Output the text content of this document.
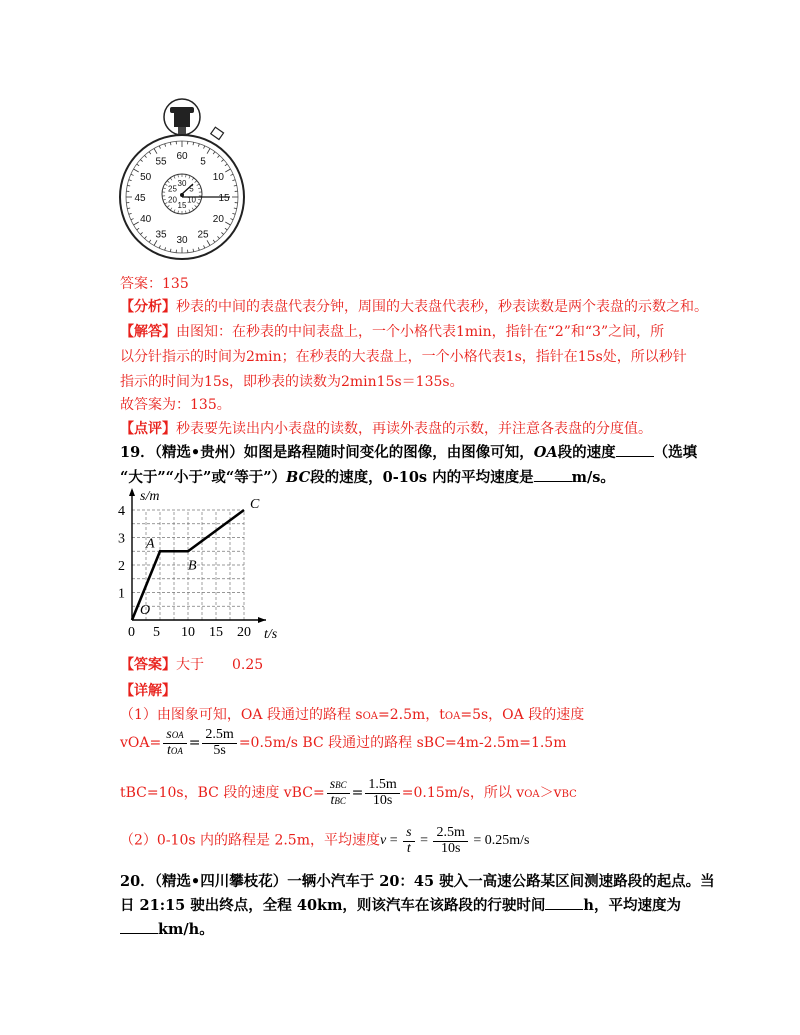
60
5
10
15
20
25
30
35
40
45
50
55
30
5
25
20 10
15
答案：135
【分析】秒表的中间的表盘代表分钟，周围的大表盘代表秒，秒表读数是两个表盘的示数之和。
【解答】由图知：在秒表的中间表盘上，一个小格代表1min，指针在“2”和“3”之间，所
以分针指示的时间为2min；在秒表的大表盘上，一个小格代表1s，指针在15s处，所以秒针
指示的时间为15s，即秒表的读数为2min15s＝135s。
故答案为：135。
【点评】秒表要先读出内小表盘的读数，再读外表盘的示数，并注意各表盘的分度值。
19．（精选•贵州）如图是路程随时间变化的图像，由图像可知，OA段的速度	（选填
“大于”“小于”或“等于”）BC段的速度，0-10s 内的平均速度是	m/s。
1
2
3
4
0 5 10 15 20
s/m
t/s
O
A
B
C
【答案】大于 0.25
【详解】
（1）由图象可知，OA 段通过的路程 sOA=2.5m，tOA=5s，OA 段的速度
$vOA= \frac{\text{sOA}}{\text{tOA}} = \frac{2.5m}{5s} =0.5m/s$ BC 段通过的路程 sBC=4m-2.5m=1.5m
tBC=10s，BC 段的速度 $vBC= \frac{\text{sBC}}{\text{tBC}} = \frac{1.5m}{10s} =0.15m/s$，所以 vOA＞vBC
（2）0-10s 内的路程是 2.5m，平均速度$v = \frac{s}{t} = \frac{2.5m}{10s} = 0.25m/s$
20．（精选•四川攀枝花）一辆小汽车于 20：45 驶入一高速公路某区间测速路段的起点。当
日 21:15 驶出终点，全程 40km，则该汽车在该路段的行驶时间	h，平均速度为
km/h。
